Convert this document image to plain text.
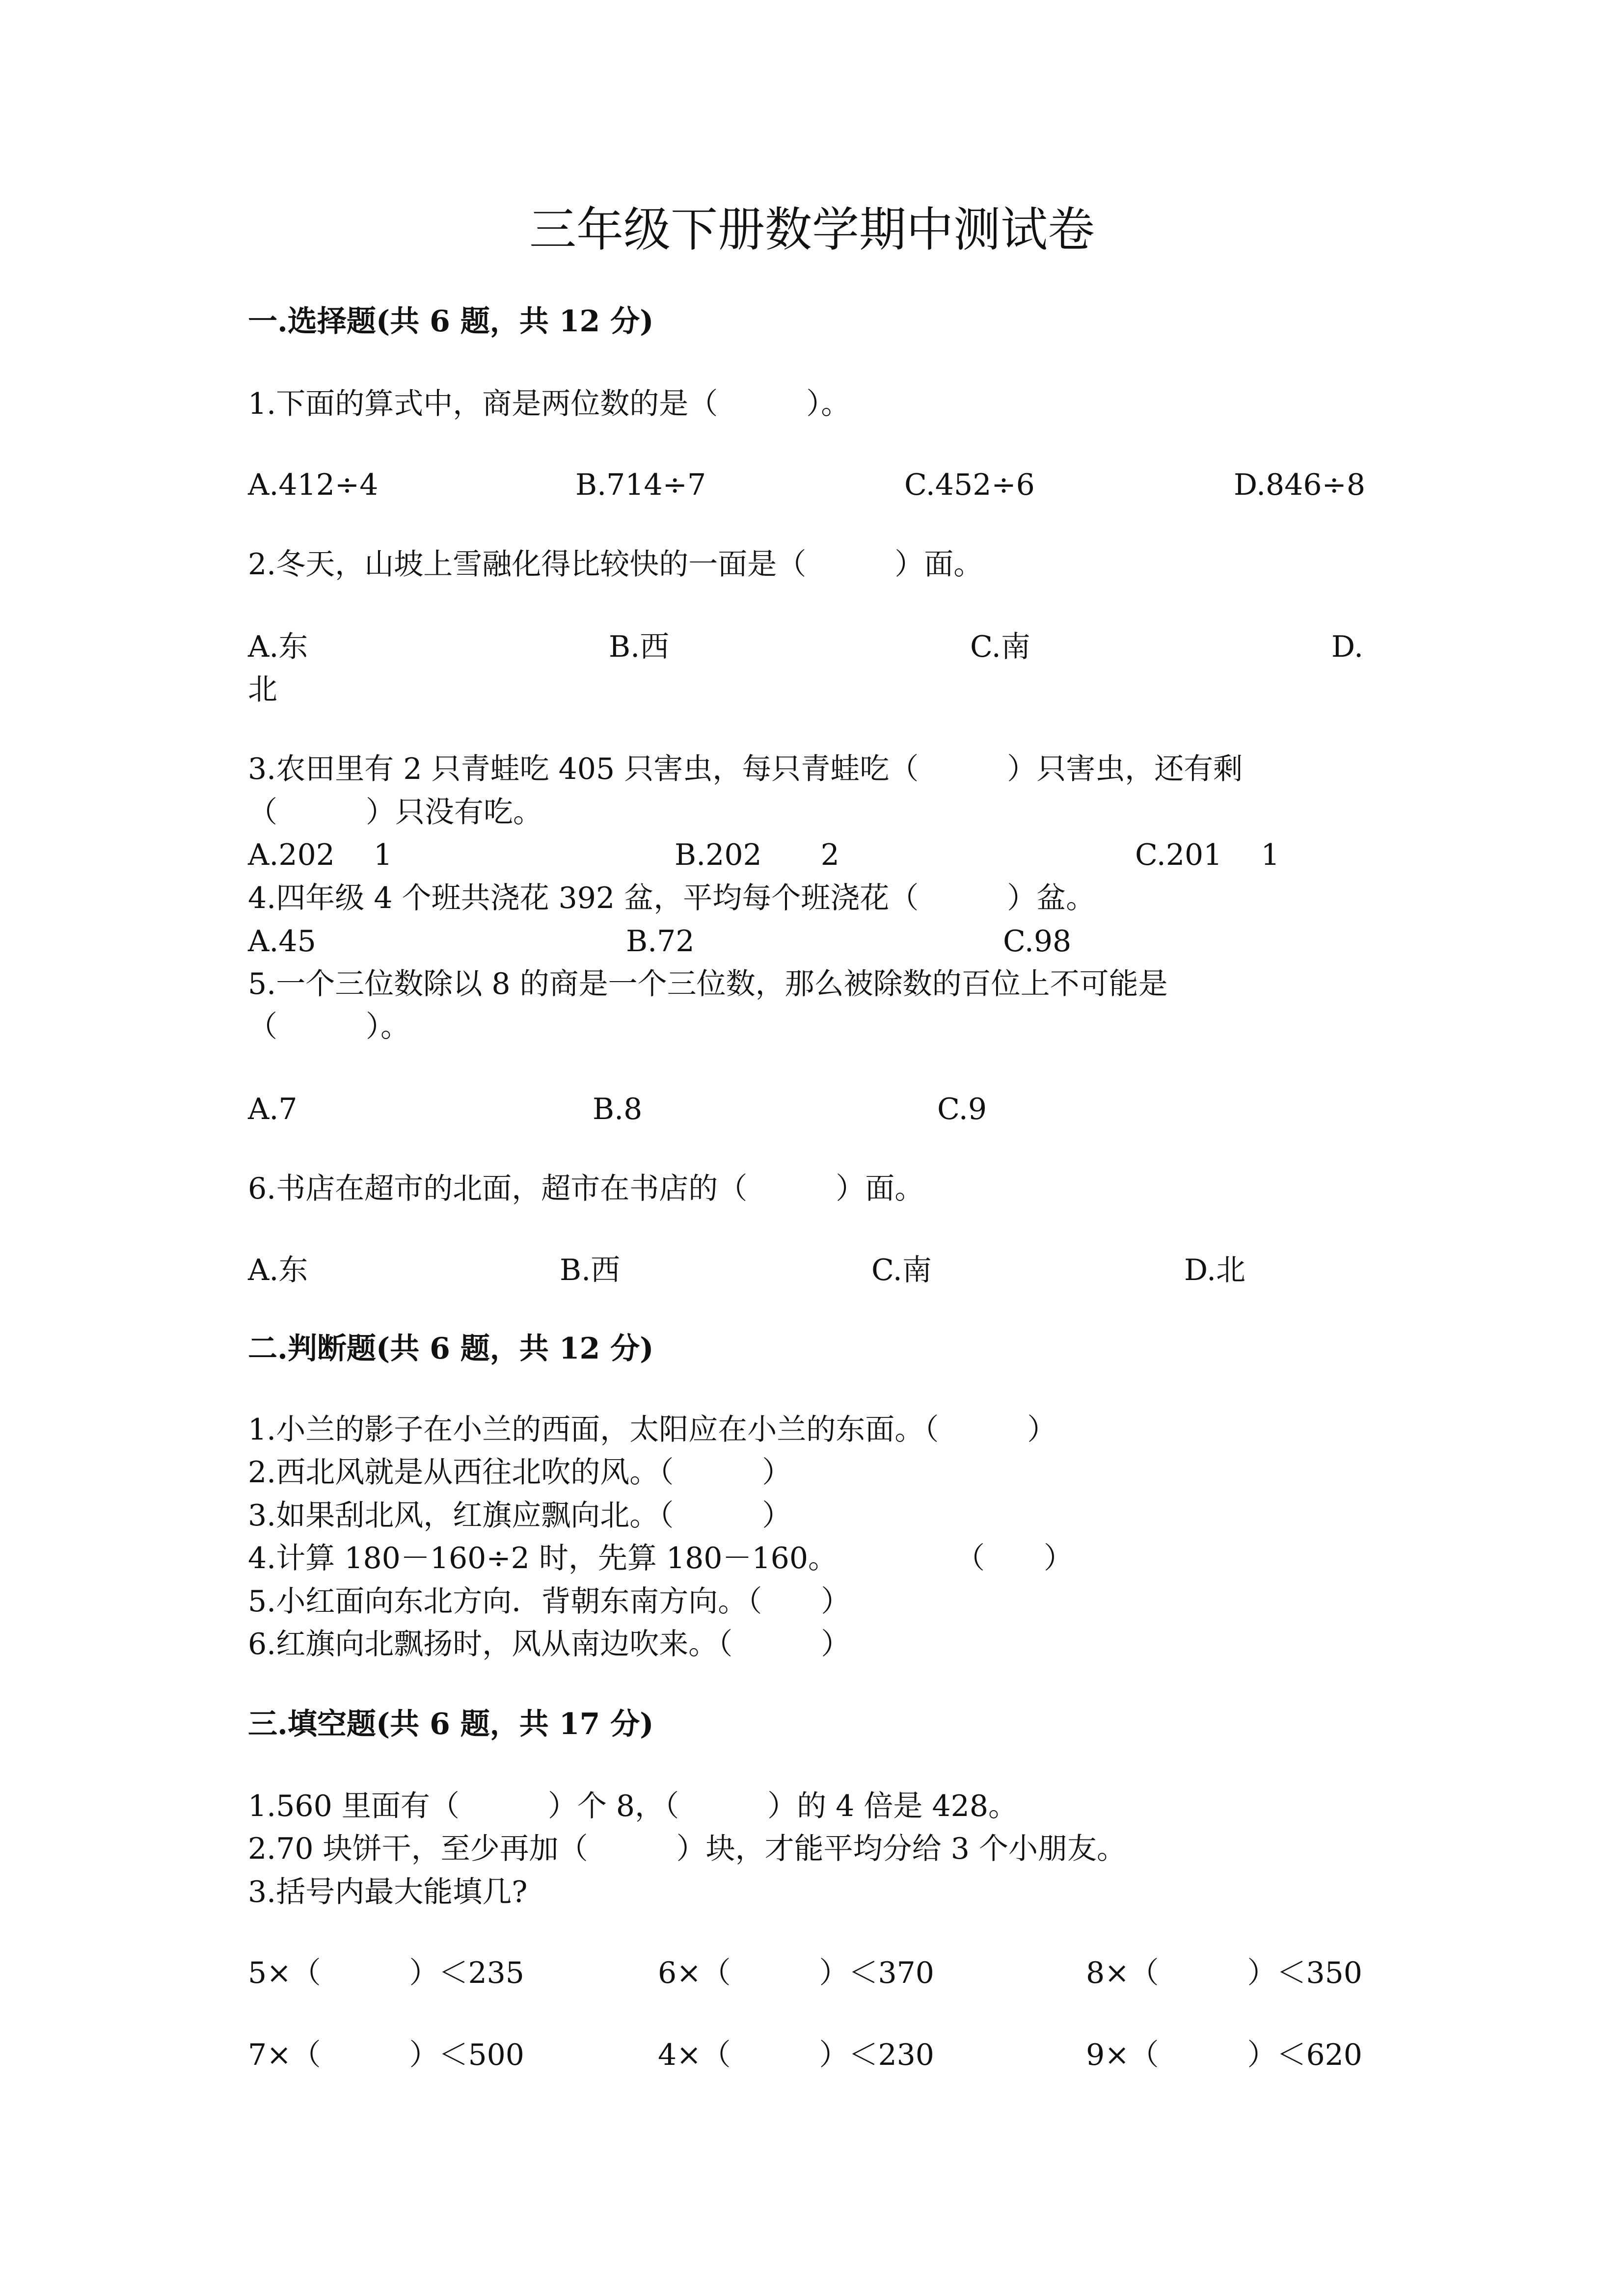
三年级下册数学期中测试卷
一.选择题(共 6 题，共 12 分)
1.下面的算式中，商是两位数的是（　　　）。
A.412÷4	B.714÷7	C.452÷6	D.846÷8
2.冬天，山坡上雪融化得比较快的一面是（　　　）面。
A.东	B.西	C.南	D.
北
3.农田里有 2 只青蛙吃 405 只害虫，每只青蛙吃（　　　）只害虫，还有剩
（　　　）只没有吃。
A.202　 1	B.202　　2	C.201　 1
4.四年级 4 个班共浇花 392 盆，平均每个班浇花（　　　）盆。
A.45	B.72	C.98
5.一个三位数除以 8 的商是一个三位数，那么被除数的百位上不可能是
（　　　）。
A.7	B.8	C.9
6.书店在超市的北面，超市在书店的（　　　）面。
A.东	B.西	C.南	D.北
二.判断题(共 6 题，共 12 分)
1.小兰的影子在小兰的西面，太阳应在小兰的东面。（　　　）
2.西北风就是从西往北吹的风。（　　　）
3.如果刮北风，红旗应飘向北。（　　　）
4.计算 180－160÷2 时，先算 180－160。　　　　　（　　）
5.小红面向东北方向．背朝东南方向。（　　）
6.红旗向北飘扬时，风从南边吹来。（　　　）
三.填空题(共 6 题，共 17 分)
1.560 里面有（　　　）个 8，（　　　）的 4 倍是 428。
2.70 块饼干，至少再加（　　　）块，才能平均分给 3 个小朋友。
3.括号内最大能填几?
5×（　　　）＜235	6×（　　　）＜370	8×（　　　）＜350
7×（　　　）＜500	4×（　　　）＜230	9×（　　　）＜620
